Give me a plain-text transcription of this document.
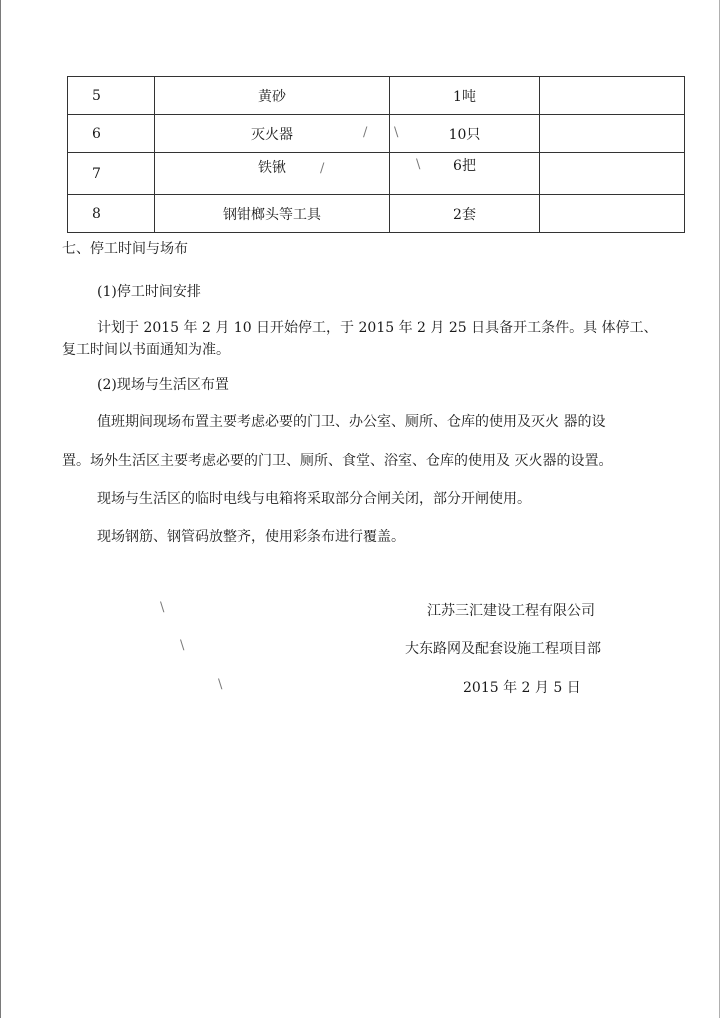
5	黄砂	1吨	
6	灭火器 /	\ 10只	
7	铁锹 /	\ 6把	
8	钢钳榔头等工具	2套	
七、停工时间与场布
(1)停工时间安排
计划于 2015 年 2 月 10 日开始停工，于 2015 年 2 月 25 日具备开工条件。具 体停工、
复工时间以书面通知为准。
(2)现场与生活区布置
值班期间现场布置主要考虑必要的门卫、办公室、厕所、仓库的使用及灭火 器的设
置。场外生活区主要考虑必要的门卫、厕所、食堂、浴室、仓库的使用及 灭火器的设置。
现场与生活区的临时电线与电箱将采取部分合闸关闭，部分开闸使用。
现场钢筋、钢管码放整齐，使用彩条布进行覆盖。
\	江苏三汇建设工程有限公司
\	大东路网及配套设施工程项目部
\	2015 年 2 月 5 日
